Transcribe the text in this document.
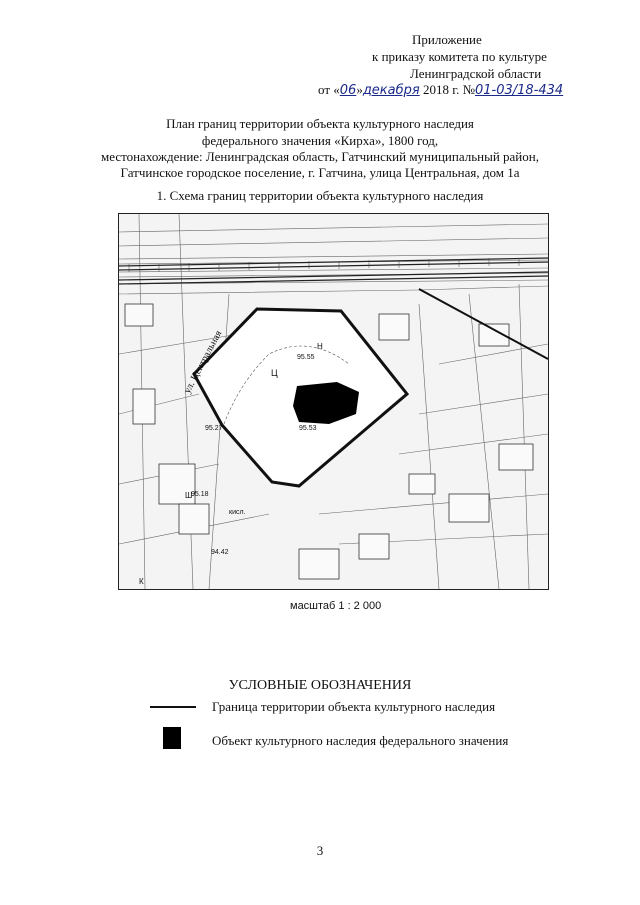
Приложение
к приказу комитета по культуре
Ленинградской области
от «06»декабря 2018 г. №01-03/18-434
План границ территории объекта культурного наследия
федерального значения «Кирха», 1800 год,
местонахождение: Ленинградская область, Гатчинский муниципальный район,
Гатчинское городское поселение, г. Гатчина, улица Центральная, дом 1а
1. Схема границ территории объекта культурного наследия
ул. Центральная	95.55
95.53
95.27
95.18
94.42
Ц
Н
К
Ш
кисл.
масштаб 1 : 2 000
УСЛОВНЫЕ ОБОЗНАЧЕНИЯ
Граница территории объекта культурного наследия
Объект культурного наследия федерального значения
3
